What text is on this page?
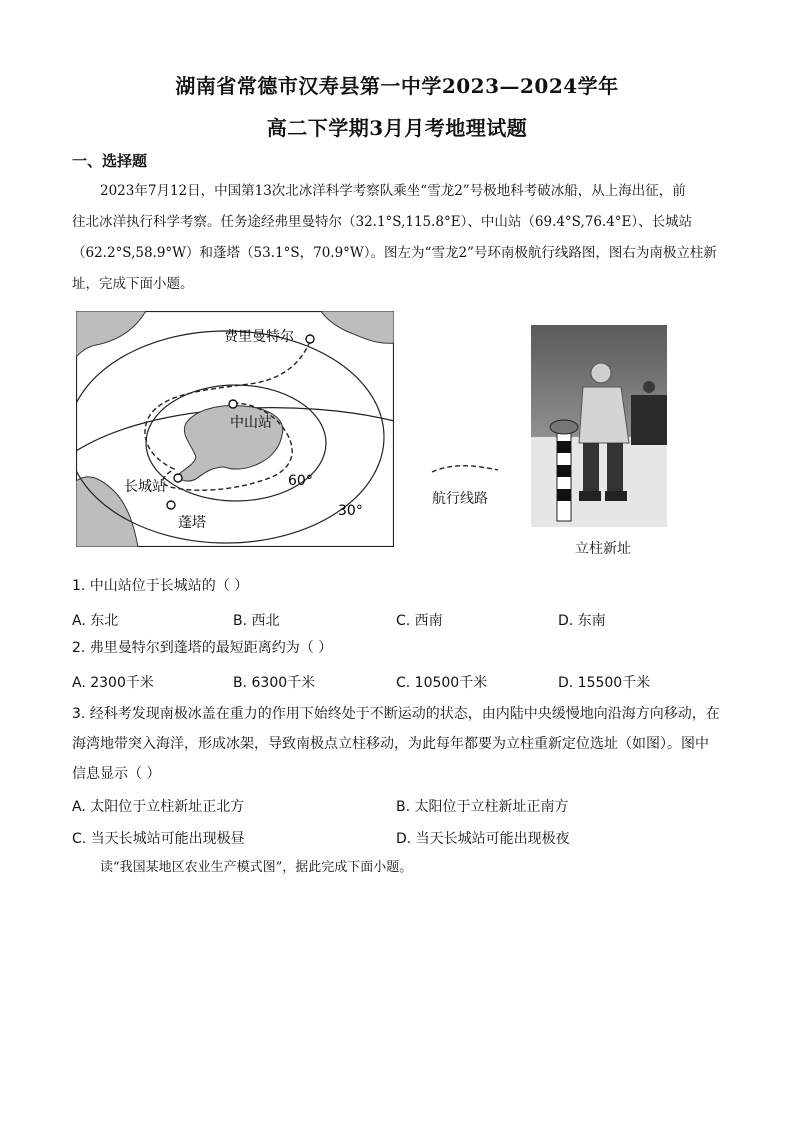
湖南省常德市汉寿县第一中学2023—2024学年
高二下学期3月月考地理试题
一、选择题
2023年7月12日，中国第13次北冰洋科学考察队乘坐“雪龙2”号极地科考破冰船，从上海出征，前
往北冰洋执行科学考察。任务途经弗里曼特尔（32.1°S,115.8°E）、中山站（69.4°S,76.4°E）、长城站
（62.2°S,58.9°W）和蓬塔（53.1°S，70.9°W）。图左为“雪龙2”号环南极航行线路图，图右为南极立柱新
址，完成下面小题。
费里曼特尔
中山站
长城站
蓬塔
60°
30°
航行线路
立柱新址
1. 中山站位于长城站的（ ）
A. 东北	B. 西北	C. 西南	D. 东南
2. 弗里曼特尔到蓬塔的最短距离约为（ ）
A. 2300千米	B. 6300千米	C. 10500千米	D. 15500千米
3. 经科考发现南极冰盖在重力的作用下始终处于不断运动的状态，由内陆中央缓慢地向沿海方向移动，在
海湾地带突入海洋，形成冰架，导致南极点立柱移动，为此每年都要为立柱重新定位选址（如图）。图中
信息显示（ ）
A. 太阳位于立柱新址正北方	B. 太阳位于立柱新址正南方
C. 当天长城站可能出现极昼	D. 当天长城站可能出现极夜
读“我国某地区农业生产模式图”，据此完成下面小题。
